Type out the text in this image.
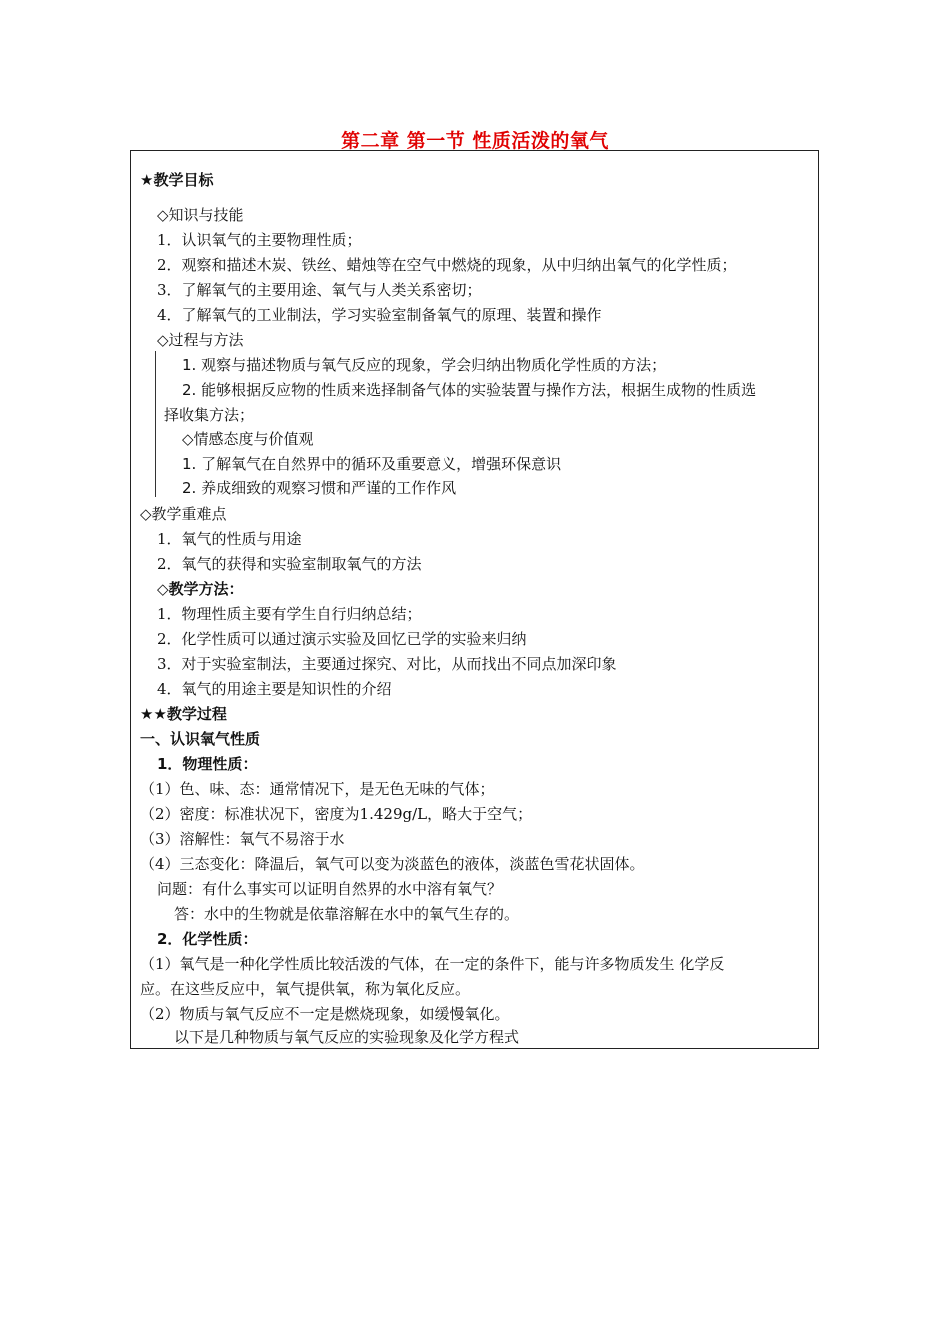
第二章 第一节 性质活泼的氧气
★教学目标
◇知识与技能
1．认识氧气的主要物理性质；
2．观察和描述木炭、铁丝、蜡烛等在空气中燃烧的现象，从中归纳出氧气的化学性质；
3．了解氧气的主要用途、氧气与人类关系密切；
4．了解氧气的工业制法，学习实验室制备氧气的原理、装置和操作
◇过程与方法
1. 观察与描述物质与氧气反应的现象，学会归纳出物质化学性质的方法；
2. 能够根据反应物的性质来选择制备气体的实验装置与操作方法，根据生成物的性质选
择收集方法；
◇情感态度与价值观
1. 了解氧气在自然界中的循环及重要意义，增强环保意识
2. 养成细致的观察习惯和严谨的工作作风
◇教学重难点
1．氧气的性质与用途
2．氧气的获得和实验室制取氧气的方法
◇教学方法：
1．物理性质主要有学生自行归纳总结；
2．化学性质可以通过演示实验及回忆已学的实验来归纳
3．对于实验室制法，主要通过探究、对比，从而找出不同点加深印象
4．氧气的用途主要是知识性的介绍
★★教学过程
一、认识氧气性质
1．物理性质：
（1）色、味、态：通常情况下，是无色无味的气体；
（2）密度：标准状况下，密度为1.429g/L，略大于空气；
（3）溶解性：氧气不易溶于水
（4）三态变化：降温后，氧气可以变为淡蓝色的液体，淡蓝色雪花状固体。
问题：有什么事实可以证明自然界的水中溶有氧气？
答：水中的生物就是依靠溶解在水中的氧气生存的。
2．化学性质：
（1）氧气是一种化学性质比较活泼的气体，在一定的条件下，能与许多物质发生 化学反
应。在这些反应中，氧气提供氧，称为氧化反应。
（2）物质与氧气反应不一定是燃烧现象，如缓慢氧化。
以下是几种物质与氧气反应的实验现象及化学方程式
